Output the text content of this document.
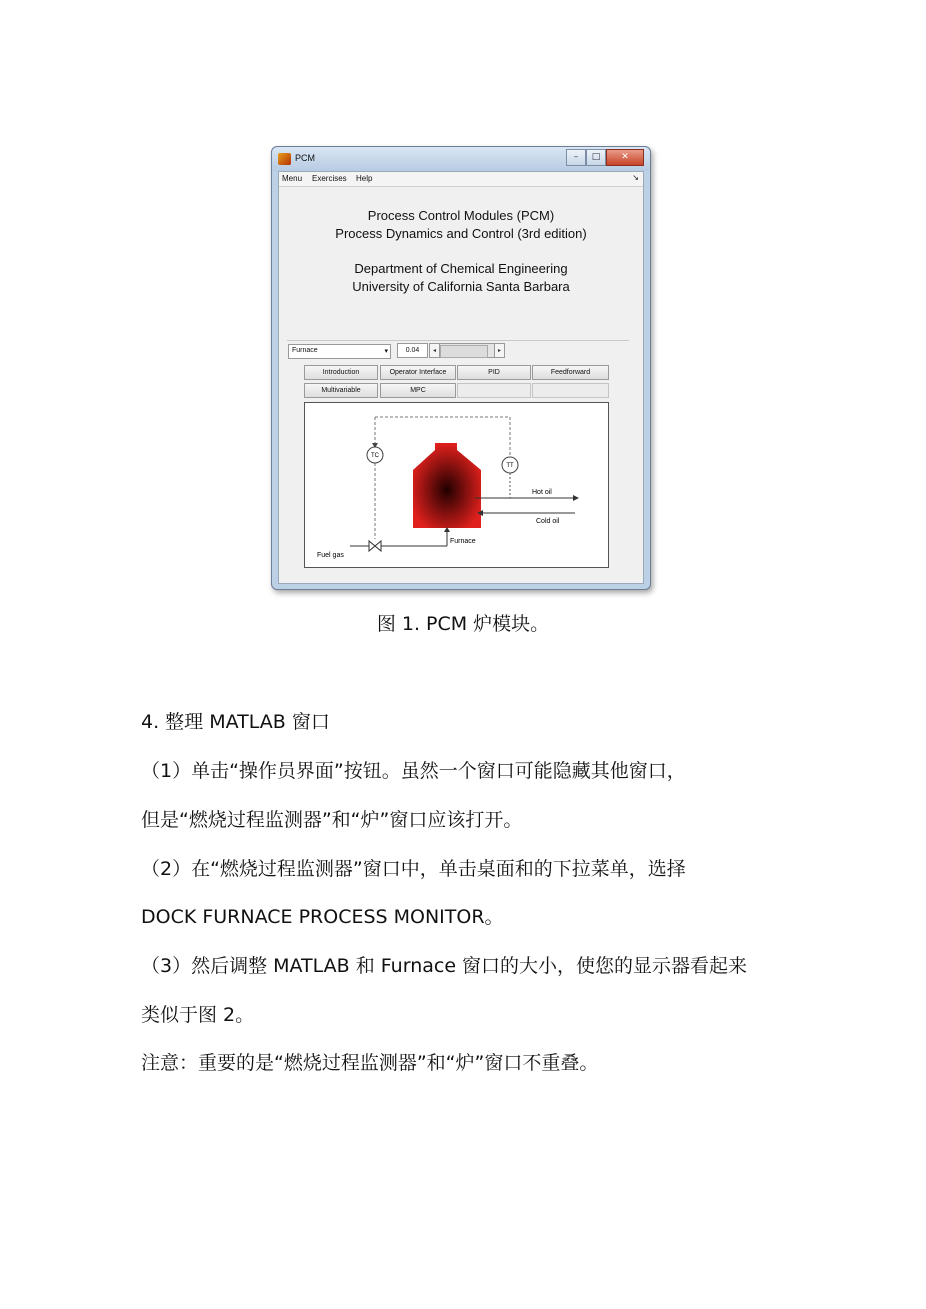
PCM	–	□	✕
Menu Exercises Help	↘
Process Control Modules (PCM)
Process Dynamics and Control (3rd edition)
Department of Chemical Engineering
University of California Santa Barbara
Furnace	▾	0.04	◂	▸
Introduction	Operator Interface	PID	Feedforward
Multivariable	MPC
TC
TT
Hot oil
Cold oil
Furnace
Fuel gas
图 1. PCM 炉模块。
4. 整理 MATLAB 窗口
（1）单击“操作员界面”按钮。虽然一个窗口可能隐藏其他窗口，
但是“燃烧过程监测器”和“炉”窗口应该打开。
（2）在“燃烧过程监测器”窗口中，单击桌面和的下拉菜单，选择
DOCK FURNACE PROCESS MONITOR。
（3）然后调整 MATLAB 和 Furnace 窗口的大小，使您的显示器看起来
类似于图 2。
注意：重要的是“燃烧过程监测器”和“炉”窗口不重叠。
